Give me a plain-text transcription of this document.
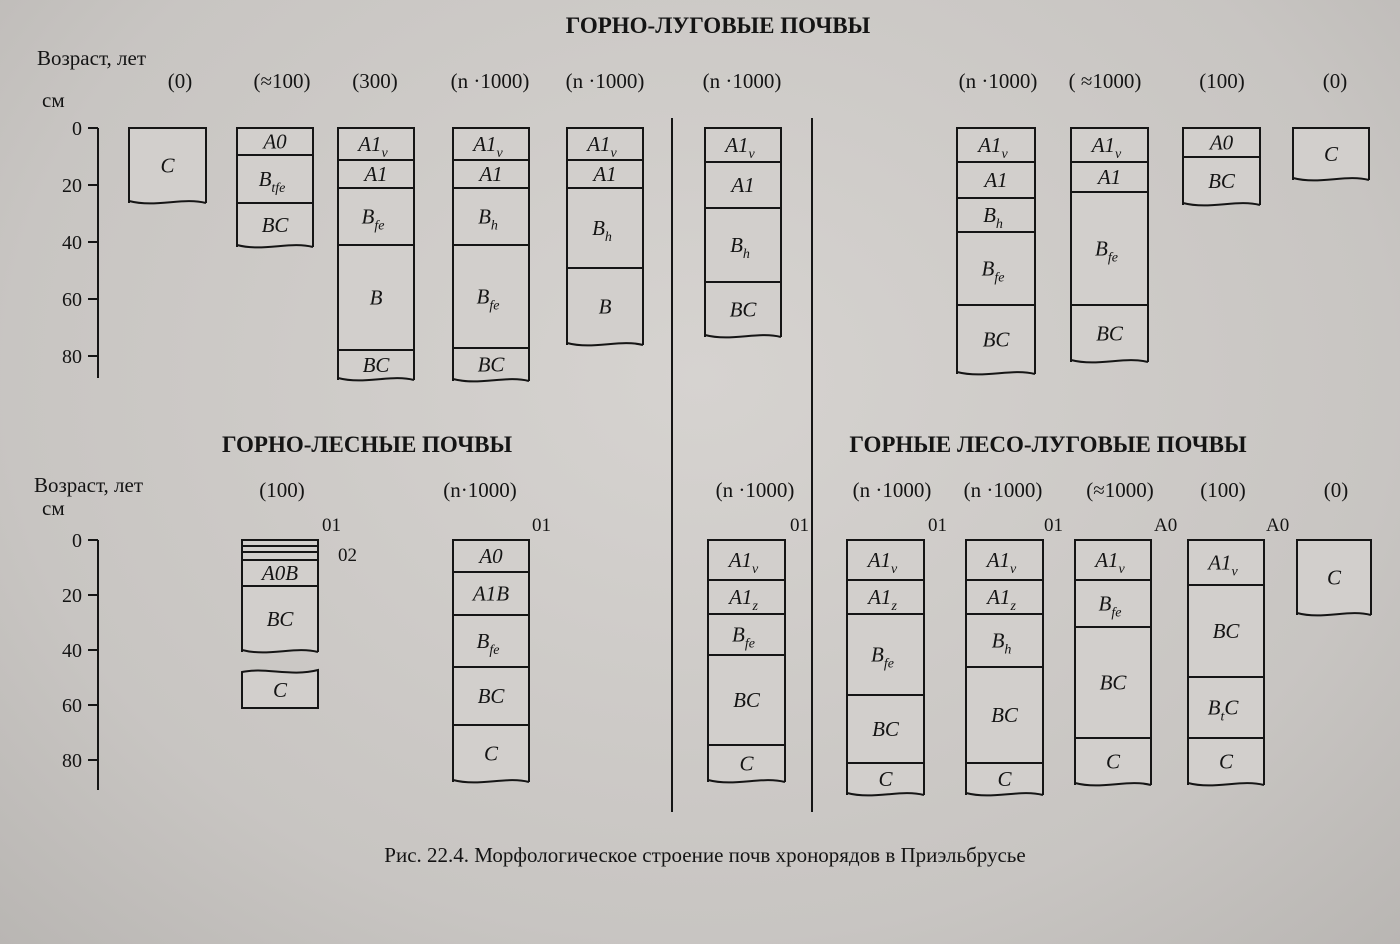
ГОРНО-ЛУГОВЫЕ ПОЧВЫ
ГОРНО-ЛЕСНЫЕ ПОЧВЫ	ГОРНЫЕ ЛЕСО-ЛУГОВЫЕ ПОЧВЫ
Возраст, лет
см
Возраст, лет
см
0
20
40
60
80
0
20
40
60
80
C
(0)
A0
$B_{tfe}$
BC
(≈100)
$A1_v$
A1
$B_{fe}$
B
BC
(300)
$A1_v$
A1
$B_h$
$B_{fe}$
BC
(n ·1000)
$A1_v$
A1
$B_h$
B
(n ·1000)
$A1_v$
A1
$B_h$
BC
(n ·1000)
$A1_v$
A1
$B_h$
$B_{fe}$
BC
(n ·1000)
$A1_v$
A1
$B_{fe}$
BC
( ≈1000)
A0
BC
(100)
C
(0)
A0B
BC
C
(100)
A0
A1B
$B_{fe}$
BC
C
(n·1000)
$A1_v$
$A1_z$
$B_{fe}$
BC
C
(n ·1000)
$A1_v$
$A1_z$
$B_{fe}$
BC
C
(n ·1000)
$A1_v$
$A1_z$
$B_h$
BC
C
(n ·1000)
$A1_v$
$B_{fe}$
BC
C
(≈1000)
$A1_v$
BC
$B_tC$
C
(100)
C
(0)
01
02
01	01	01	01	A0	A0
Рис. 22.4. Морфологическое строение почв хронорядов в Приэльбрусье
